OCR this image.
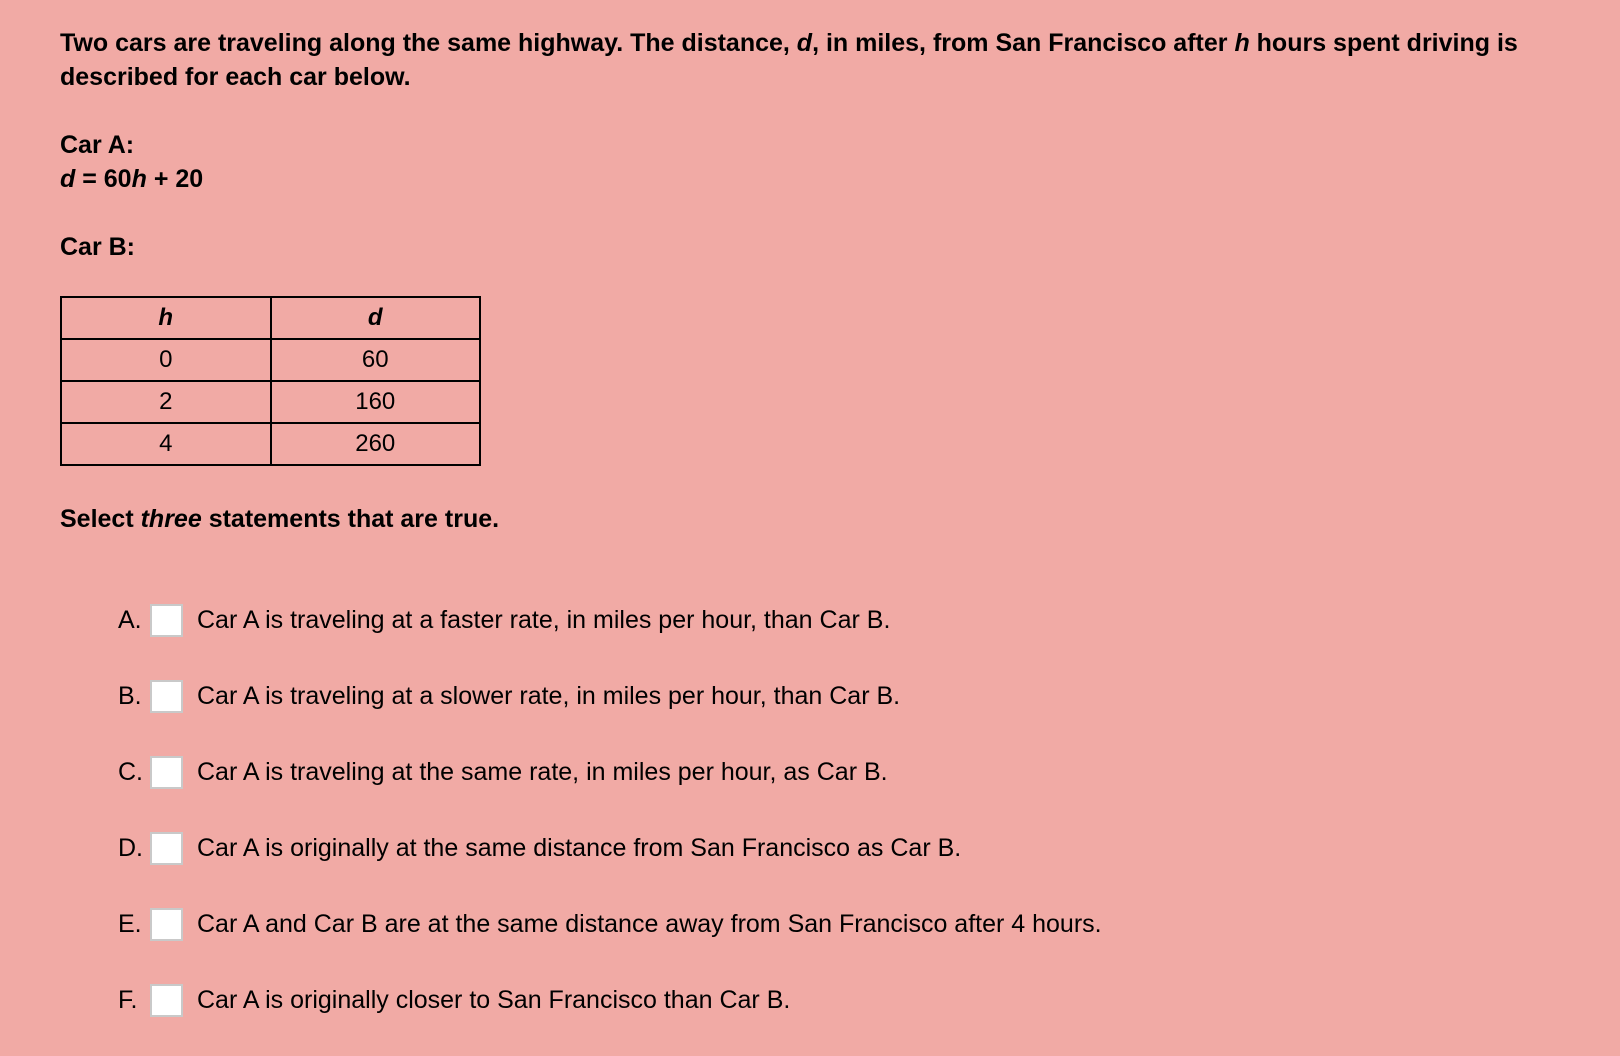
Two cars are traveling along the same highway. The distance, d, in miles, from San Francisco after h hours spent driving is described for each car below.

Car A:

d = 60h + 20

Car B:

h	d
0	60
2	160
4	260

Select three statements that are true.

A.	Car A is traveling at a faster rate, in miles per hour, than Car B.
B.	Car A is traveling at a slower rate, in miles per hour, than Car B.
C. Car A is traveling at the same rate, in miles per hour, as Car B.
D. Car A is originally at the same distance from San Francisco as Car B.
E.	Car A and Car B are at the same distance away from San Francisco after 4 hours.
F.	Car A is originally closer to San Francisco than Car B.
